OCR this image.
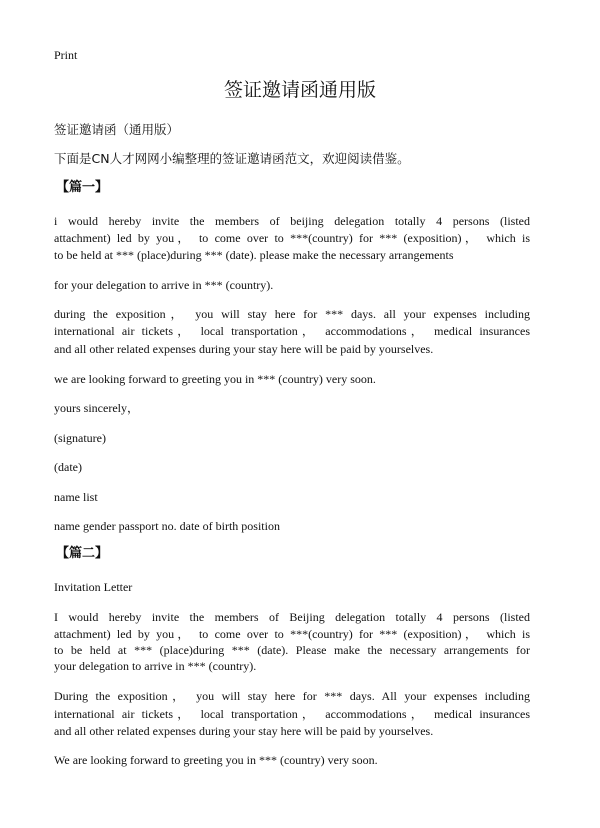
Print
签证邀请函通用版
签证邀请函（通用版）
下面是CN人才网网小编整理的签证邀请函范文，欢迎阅读借鉴。
【篇一】
i would hereby invite the members of beijing delegation totally 4 persons (listed
attachment) led by you， to come over to ***(country) for *** (exposition)， which is
to be held at *** (place)during *** (date). please make the necessary arrangements
for your delegation to arrive in *** (country).
during the exposition， you will stay here for *** days. all your expenses including
international air tickets， local transportation， accommodations， medical insurances
and all other related expenses during your stay here will be paid by yourselves.
we are looking forward to greeting you in *** (country) very soon.
yours sincerely，
(signature)
(date)
name list
name gender passport no. date of birth position
【篇二】
Invitation Letter
I would hereby invite the members of Beijing delegation totally 4 persons (listed
attachment) led by you， to come over to ***(country) for *** (exposition)， which is
to be held at *** (place)during *** (date). Please make the necessary arrangements for
your delegation to arrive in *** (country).
During the exposition， you will stay here for *** days. All your expenses including
international air tickets， local transportation， accommodations， medical insurances
and all other related expenses during your stay here will be paid by yourselves.
We are looking forward to greeting you in *** (country) very soon.
